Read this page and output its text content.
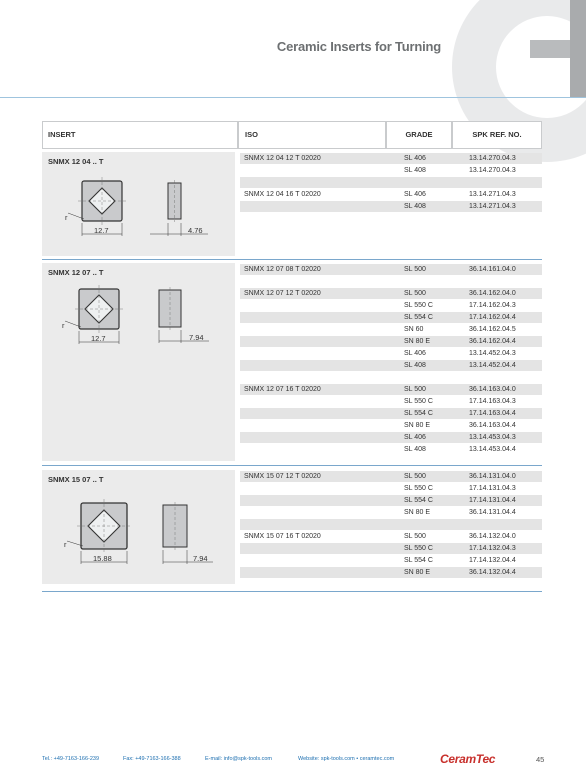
Ceramic Inserts for Turning
INSERT	ISO	GRADE	SPK REF. NO.
SNMX 12 04 .. T
r
12.7	4.76
SNMX 12 07 .. T
r
12.7	7.94
SNMX 15 07 .. T
r
15.88	7.94
SNMX 12 04 12 T 02020	SL 406	13.14.270.04.3
SL 408	13.14.270.04.3
SNMX 12 04 16 T 02020	SL 406	13.14.271.04.3
SL 408	13.14.271.04.3
SNMX 12 07 08 T 02020	SL 500	36.14.161.04.0
SNMX 12 07 12 T 02020	SL 500	36.14.162.04.0
SL 550 C	17.14.162.04.3
SL 554 C	17.14.162.04.4
SN 60	36.14.162.04.5
SN 80 E	36.14.162.04.4
SL 406	13.14.452.04.3
SL 408	13.14.452.04.4
SNMX 12 07 16 T 02020	SL 500	36.14.163.04.0
SL 550 C	17.14.163.04.3
SL 554 C	17.14.163.04.4
SN 80 E	36.14.163.04.4
SL 406	13.14.453.04.3
SL 408	13.14.453.04.4
SNMX 15 07 12 T 02020	SL 500	36.14.131.04.0
SL 550 C	17.14.131.04.3
SL 554 C	17.14.131.04.4
SN 80 E	36.14.131.04.4
SNMX 15 07 16 T 02020	SL 500	36.14.132.04.0
SL 550 C	17.14.132.04.3
SL 554 C	17.14.132.04.4
SN 80 E	36.14.132.04.4
Tel.: +49-7163-166-239	Fax: +49-7163-166-388	E-mail: info@spk-tools.com	Website: spk-tools.com • ceramtec.com	CeramTec	45
